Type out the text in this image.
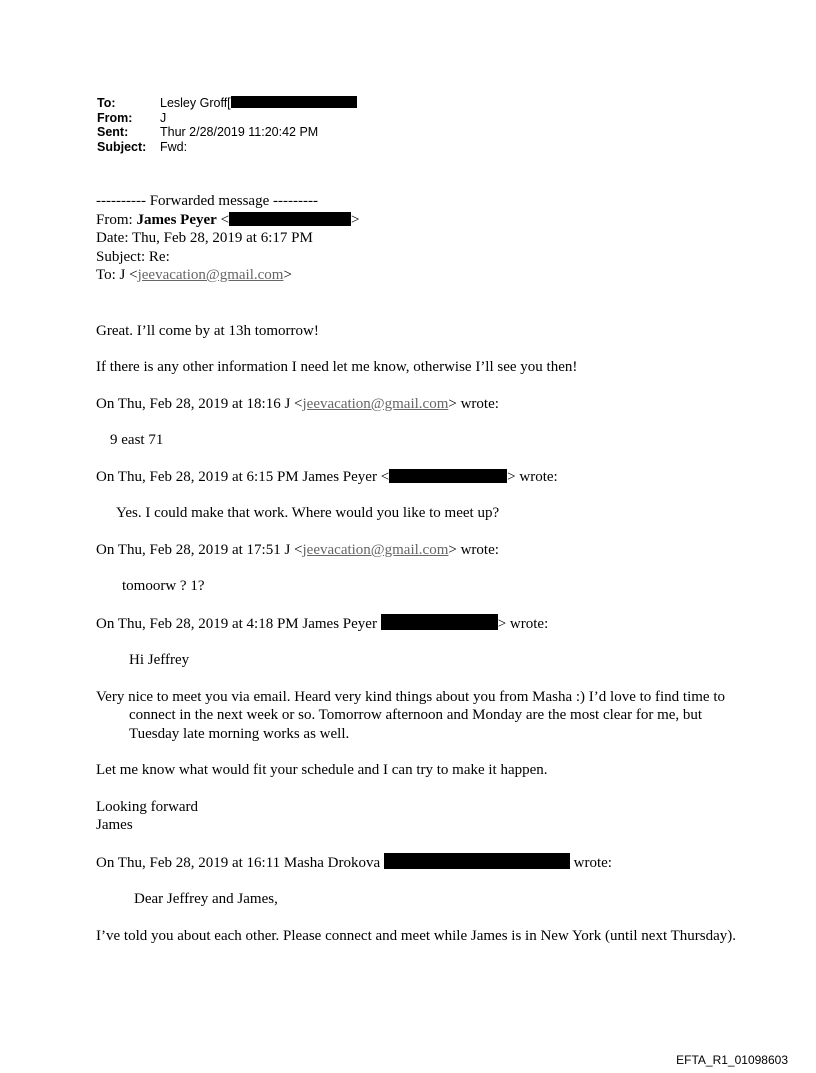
To:	Lesley Groff[
From:	J
Sent:	Thur 2/28/2019 11:20:42 PM
Subject:	Fwd:
---------- Forwarded message ---------
From: James Peyer <	>
Date: Thu, Feb 28, 2019 at 6:17 PM
Subject: Re:
To: J <jeevacation@gmail.com>
Great. I’ll come by at 13h tomorrow!
If there is any other information I need let me know, otherwise I’ll see you then!
On Thu, Feb 28, 2019 at 18:16 J <jeevacation@gmail.com> wrote:
9 east 71
On Thu, Feb 28, 2019 at 6:15 PM James Peyer <	> wrote:
Yes. I could make that work. Where would you like to meet up?
On Thu, Feb 28, 2019 at 17:51 J <jeevacation@gmail.com> wrote:
tomoorw ? 1?
On Thu, Feb 28, 2019 at 4:18 PM James Peyer	> wrote:
Hi Jeffrey
Very nice to meet you via email. Heard very kind things about you from Masha :) I’d love to find time to connect in the next week or so. Tomorrow afternoon and Monday are the most clear for me, but Tuesday late morning works as well.
Let me know what would fit your schedule and I can try to make it happen.
Looking forward
James
On Thu, Feb 28, 2019 at 16:11 Masha Drokova	wrote:
Dear Jeffrey and James,
I’ve told you about each other. Please connect and meet while James is in New York (until next Thursday).
EFTA_R1_01098603
